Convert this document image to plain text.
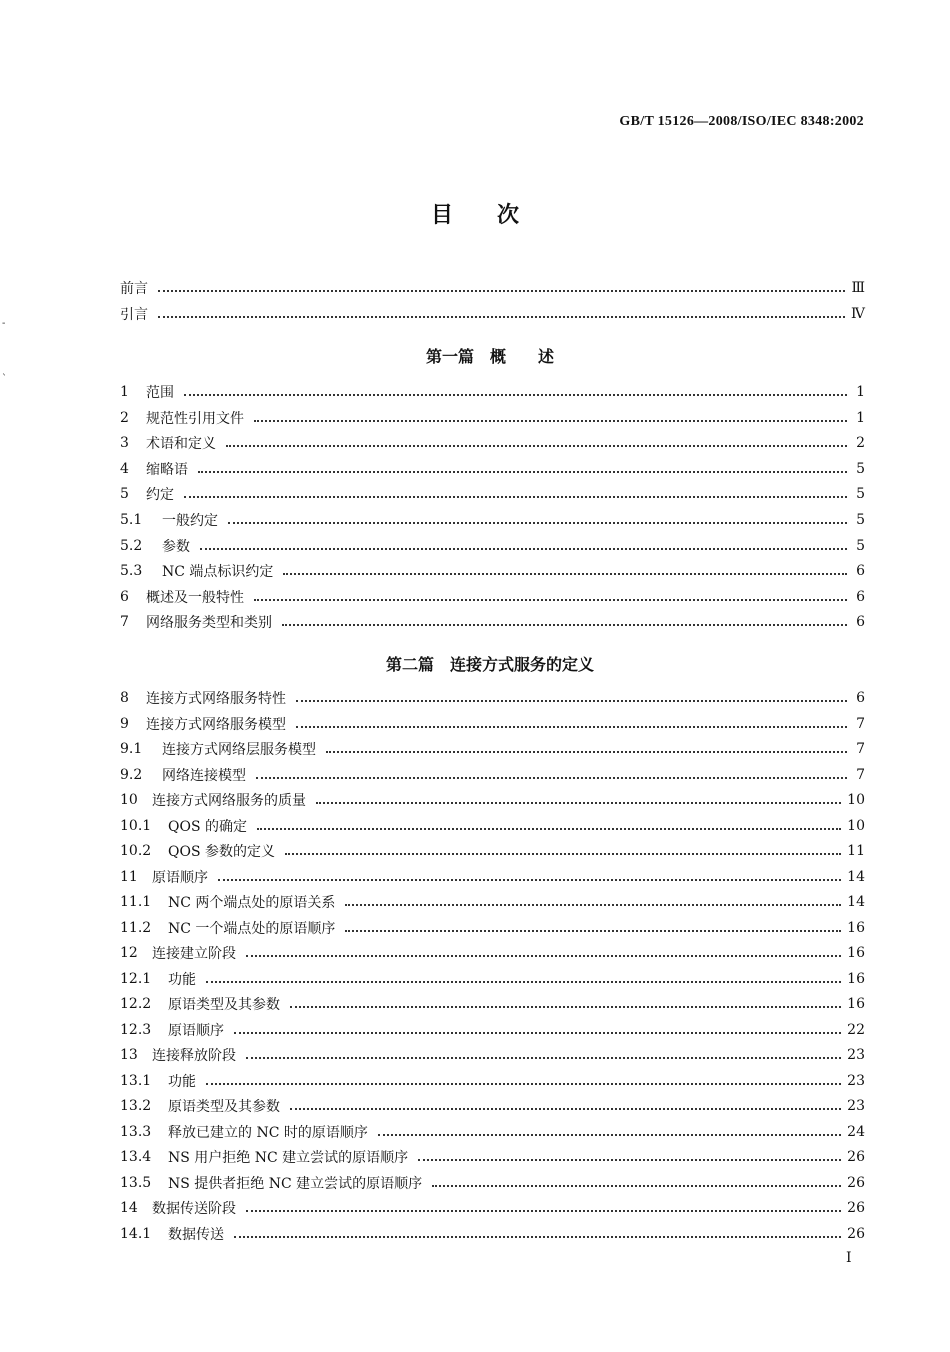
GB/T 15126—2008/ISO/IEC 8348:2002
目　　次
-
`
前言	Ⅲ
引言	Ⅳ
第一篇　概　　述
1	范围	1
2	规范性引用文件	1
3	术语和定义	2
4	缩略语	5
5	约定	5
5.1	一般约定	5
5.2	参数	5
5.3	NC 端点标识约定	6
6	概述及一般特性	6
7	网络服务类型和类别	6
第二篇　连接方式服务的定义
8	连接方式网络服务特性	6
9	连接方式网络服务模型	7
9.1	连接方式网络层服务模型	7
9.2	网络连接模型	7
10	连接方式网络服务的质量	10
10.1	QOS 的确定	10
10.2	QOS 参数的定义	11
11	原语顺序	14
11.1	NC 两个端点处的原语关系	14
11.2	NC 一个端点处的原语顺序	16
12	连接建立阶段	16
12.1	功能	16
12.2	原语类型及其参数	16
12.3	原语顺序	22
13	连接释放阶段	23
13.1	功能	23
13.2	原语类型及其参数	23
13.3	释放已建立的 NC 时的原语顺序	24
13.4	NS 用户拒绝 NC 建立尝试的原语顺序	26
13.5	NS 提供者拒绝 NC 建立尝试的原语顺序	26
14	数据传送阶段	26
14.1	数据传送	26
I
